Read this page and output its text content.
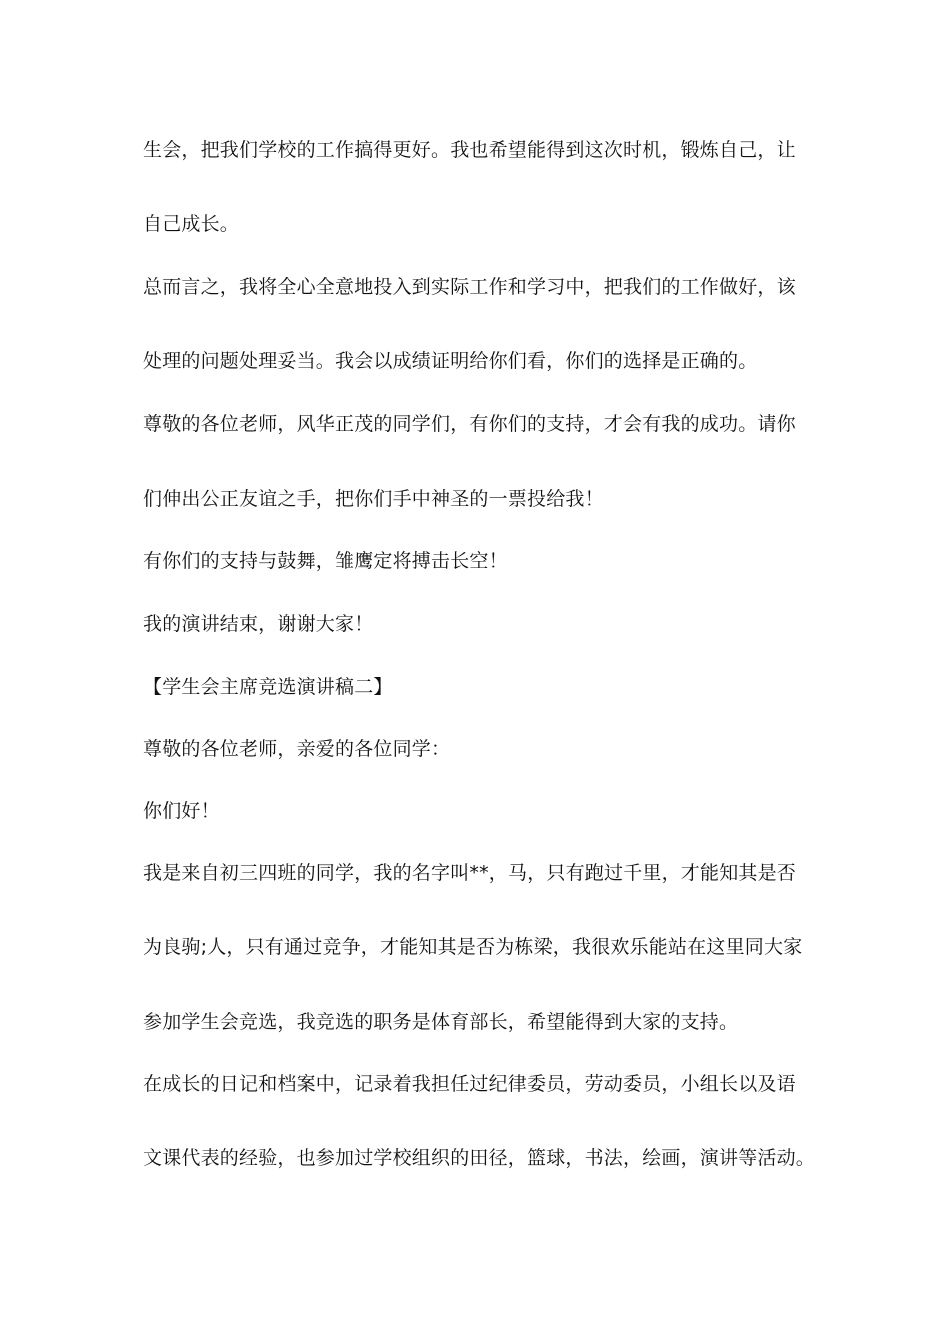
生会，把我们学校的工作搞得更好。我也希望能得到这次时机，锻炼自己，让
自己成长。
总而言之，我将全心全意地投入到实际工作和学习中，把我们的工作做好，该
处理的问题处理妥当。我会以成绩证明给你们看，你们的选择是正确的。
尊敬的各位老师，风华正茂的同学们，有你们的支持，才会有我的成功。请你
们伸出公正友谊之手，把你们手中神圣的一票投给我！
有你们的支持与鼓舞，雏鹰定将搏击长空！
我的演讲结束，谢谢大家！
【学生会主席竞选演讲稿二】
尊敬的各位老师，亲爱的各位同学：
你们好！
我是来自初三四班的同学，我的名字叫**，马，只有跑过千里，才能知其是否
为良驹;人，只有通过竞争，才能知其是否为栋梁，我很欢乐能站在这里同大家
参加学生会竞选，我竞选的职务是体育部长，希望能得到大家的支持。
在成长的日记和档案中，记录着我担任过纪律委员，劳动委员，小组长以及语
文课代表的经验，也参加过学校组织的田径，篮球，书法，绘画，演讲等活动。
